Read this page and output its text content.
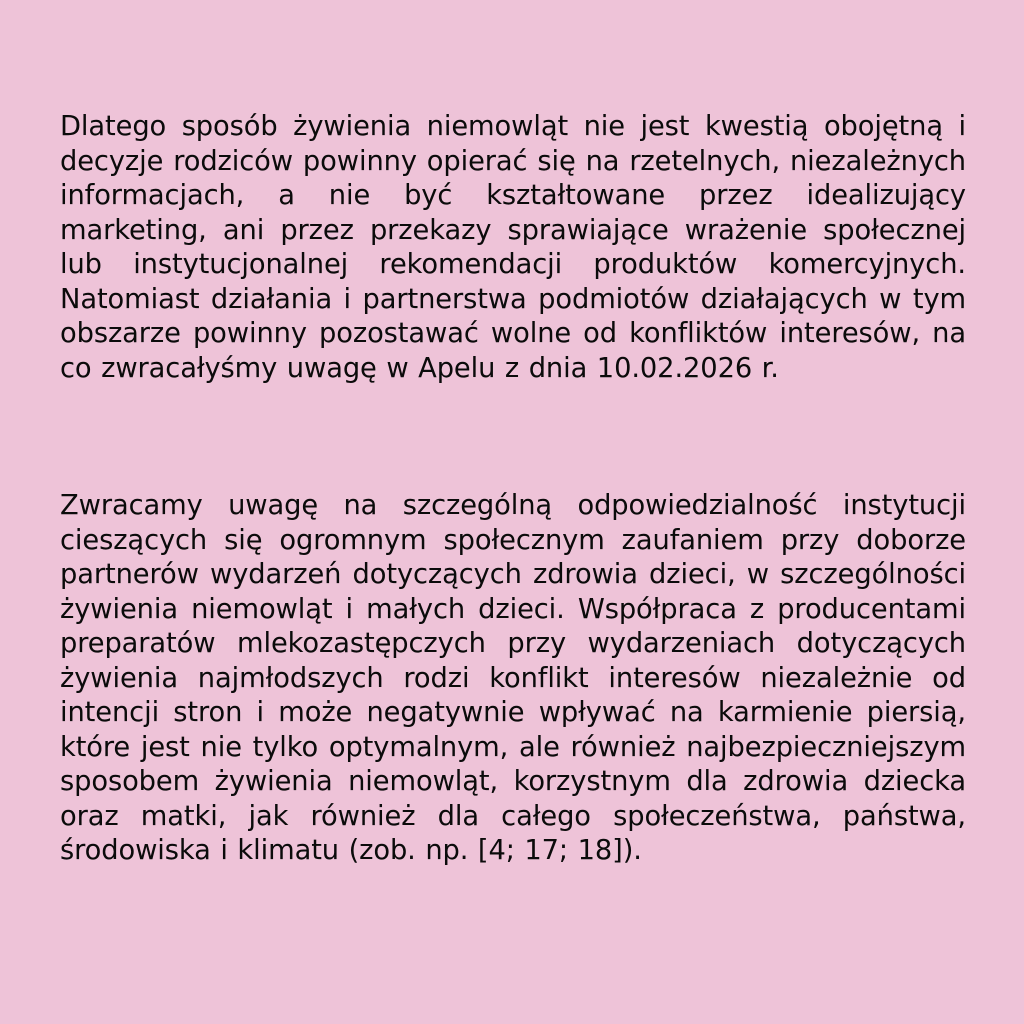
Dlatego sposób żywienia niemowląt nie jest kwestią obojętną i decyzje rodziców powinny opierać się na rzetelnych, niezależnych informacjach, a nie być kształtowane przez idealizujący marketing, ani przez przekazy sprawiające wrażenie społecznej lub instytucjonalnej rekomendacji produktów komercyjnych. Natomiast działania i partnerstwa podmiotów działających w tym obszarze powinny pozostawać wolne od konfliktów interesów, na co zwracałyśmy uwagę w Apelu z dnia 10.02.2026 r.

Zwracamy uwagę na szczególną odpowiedzialność instytucji cieszących się ogromnym społecznym zaufaniem przy doborze partnerów wydarzeń dotyczących zdrowia dzieci, w szczególności żywienia niemowląt i małych dzieci. Współpraca z producentami preparatów mlekozastępczych przy wydarzeniach dotyczących żywienia najmłodszych rodzi konflikt interesów niezależnie od intencji stron i może negatywnie wpływać na karmienie piersią, które jest nie tylko optymalnym, ale również najbezpieczniejszym sposobem żywienia niemowląt, korzystnym dla zdrowia dziecka oraz matki, jak również dla całego społeczeństwa, państwa, środowiska i klimatu (zob. np. [4; 17; 18]).
